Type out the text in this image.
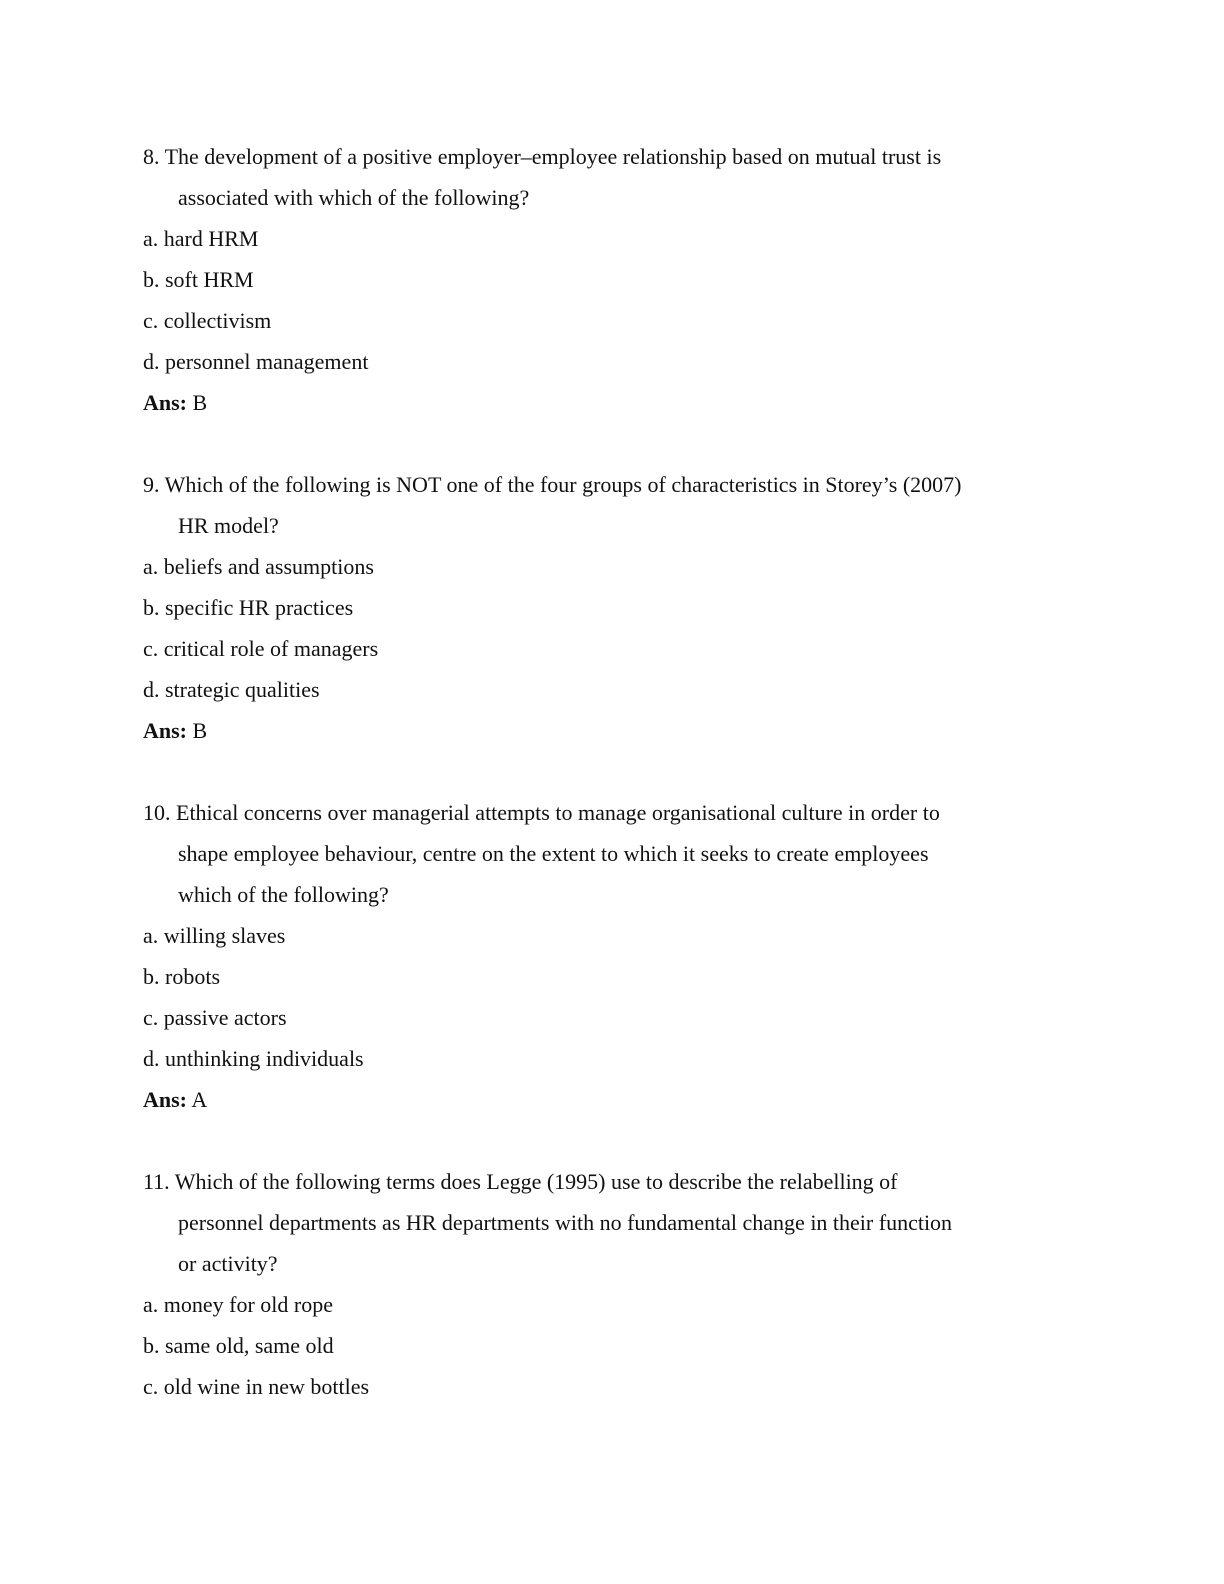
8. The development of a positive employer–employee relationship based on mutual trust is
associated with which of the following?
a. hard HRM
b. soft HRM
c. collectivism
d. personnel management
Ans: B
9. Which of the following is NOT one of the four groups of characteristics in Storey’s (2007)
HR model?
a. beliefs and assumptions
b. specific HR practices
c. critical role of managers
d. strategic qualities
Ans: B
10. Ethical concerns over managerial attempts to manage organisational culture in order to
shape employee behaviour, centre on the extent to which it seeks to create employees
which of the following?
a. willing slaves
b. robots
c. passive actors
d. unthinking individuals
Ans: A
11. Which of the following terms does Legge (1995) use to describe the relabelling of
personnel departments as HR departments with no fundamental change in their function
or activity?
a. money for old rope
b. same old, same old
c. old wine in new bottles
